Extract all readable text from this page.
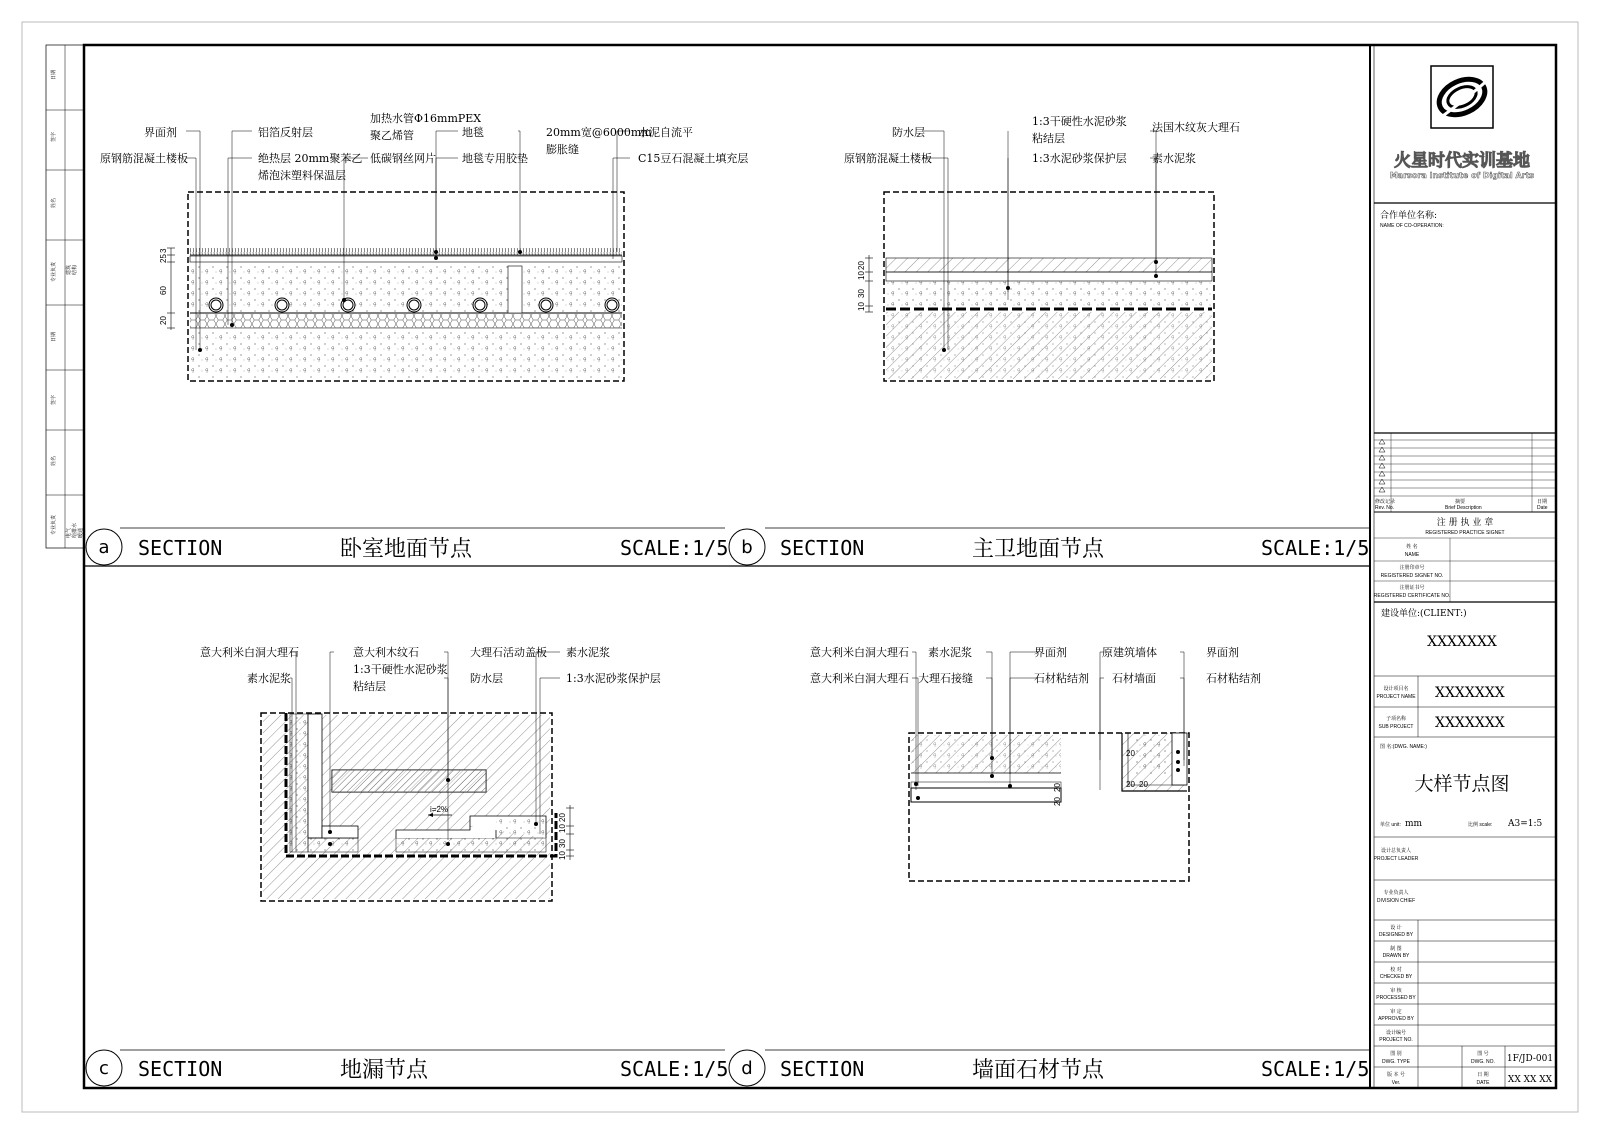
日期
签字
姓名
专业负责
日期
签字
姓名
专业负责
建筑 结构
电气 给排水 暖通
界面剂
原钢筋混凝土楼板
铝箔反射层
绝热层 20mm聚苯乙
烯泡沫塑料保温层
加热水管Φ16mmPEX
聚乙烯管
低碳钢丝网片
地毯
地毯专用胶垫
20mm宽@6000mm
膨胀缝
水泥自流平
C15豆石混凝土填充层
3
25
60
20
防水层
原钢筋混凝土楼板
1:3干硬性水泥砂浆
粘结层
1:3水泥砂浆保护层
法国木纹灰大理石
素水泥浆
20
10
30
10
i=2%
意大利米白洞大理石
素水泥浆
意大利木纹石
1:3干硬性水泥砂浆
粘结层
大理石活动盖板
防水层
素水泥浆
1:3水泥砂浆保护层
20
10
30
10
意大利米白洞大理石
意大利米白洞大理石
素水泥浆
大理石接缝
界面剂
石材粘结剂
原建筑墙体
石材墙面
界面剂
石材粘结剂
20
20
20
20 20
a SECTION	卧室地面节点	SCALE:1/5 b SECTION	主卫地面节点	SCALE:1/5
c SECTION	地漏节点	SCALE:1/5 d SECTION	墙面石材节点	SCALE:1/5
火星时代实训基地
Marsora Institute of Digital Arts
合作单位名称:
NAME OF CO-OPERATION:
修改记录	摘要	日期
Rev. No.	Brief Description	Date
注 册 执 业 章
REGISTERED PRACTICE SIGNET
姓 名
NAME
注册印章号
REGISTERED SIGNET NO.
注册证书号
REGISTERED CERTIFICATE NO.
建设单位:(CLIENT:)
XXXXXXX
设计项目名
PROJECT NAME XXXXXXX
子项名称
SUB PROJECT XXXXXXX
图 名:(DWG. NAME:)
大样节点图
单位 unit: mm	比例 scale: A3=1:5
设计总负责人
PROJECT LEADER
专业负责人
DIVISION CHIEF
设 计
DESIGNED BY
制 图
DRAWN BY
校 对
CHECKED BY
审 核
PROCESSED BY
审 定
APPROVED BY
设计编号
PROJECT NO.
图 别
DWG. TYPE
图 号
DWG. NO. 1F/JD-001
版 本 号
Ver.
日 期
DATE XX XX XX
